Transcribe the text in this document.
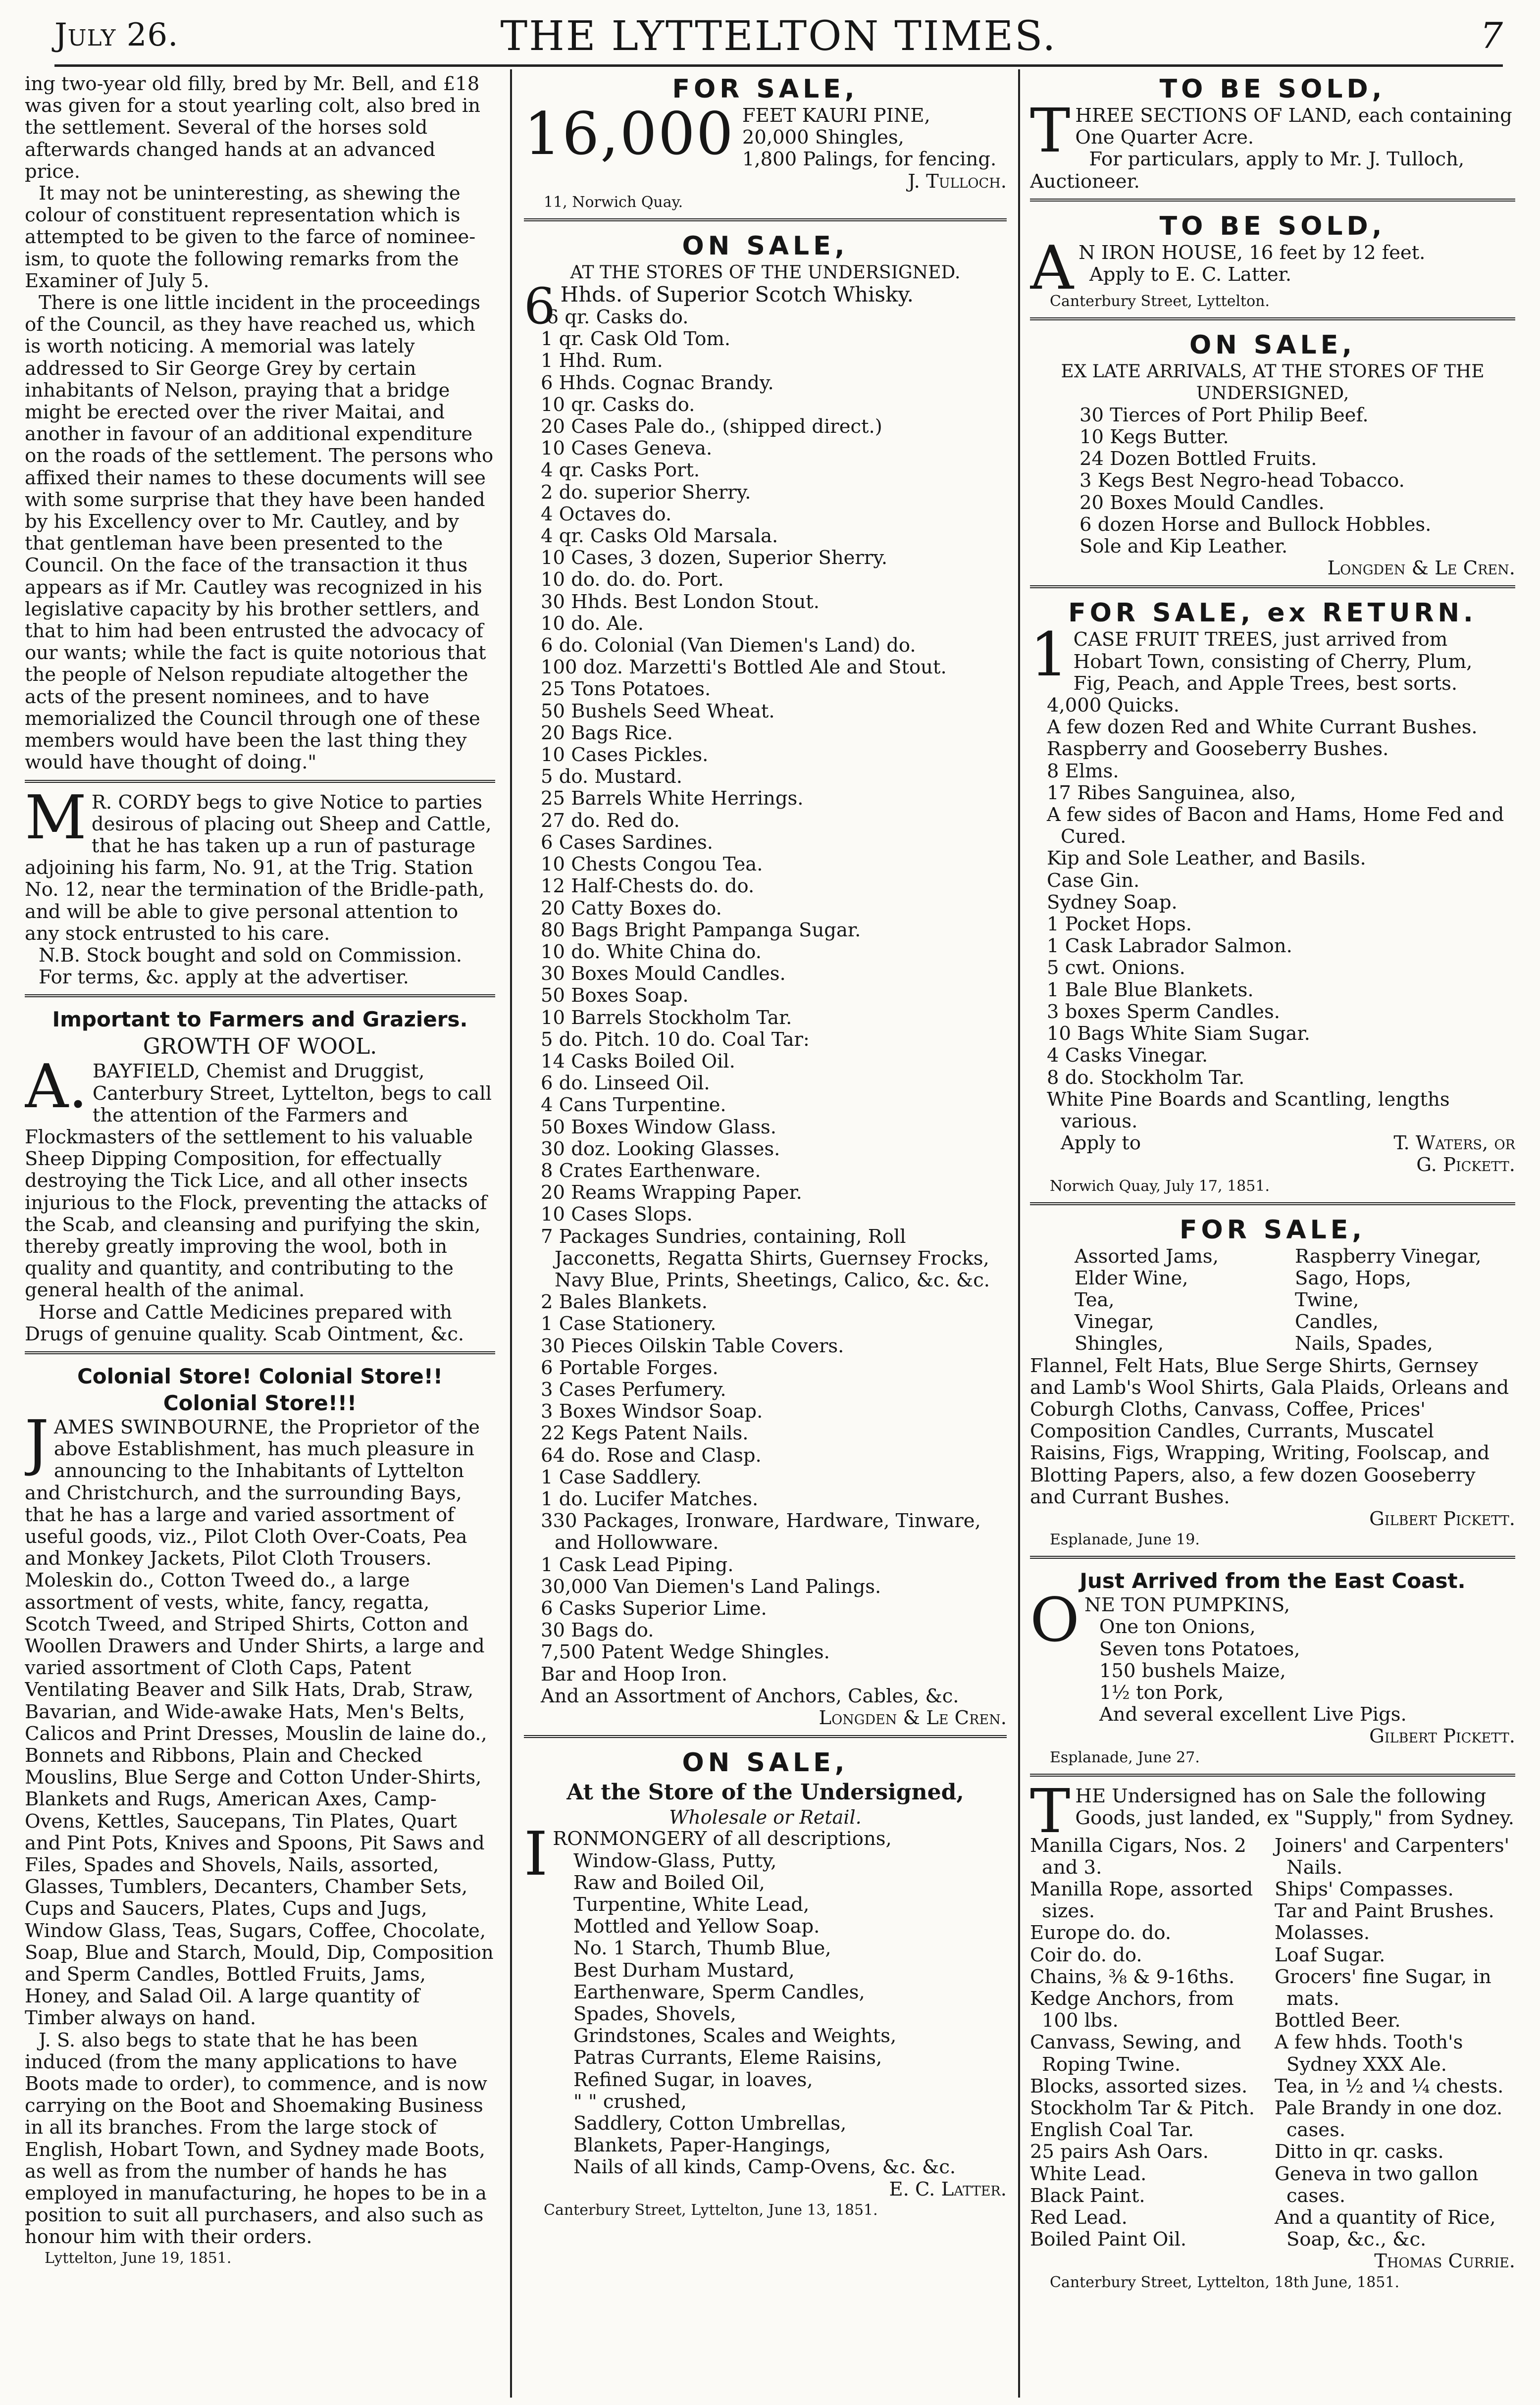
July 26.	THE LYTTELTON TIMES.	7

ing two-year old filly, bred by Mr. Bell, and £18 was given for a stout yearling colt, also bred in the settlement. Several of the horses sold afterwards changed hands at an advanced price.

It may not be uninteresting, as shewing the colour of constituent representation which is attempted to be given to the farce of nominee-ism, to quote the following remarks from the Examiner of July 5.

There is one little incident in the proceedings of the Council, as they have reached us, which is worth noticing. A memorial was lately addressed to Sir George Grey by certain inhabitants of Nelson, praying that a bridge might be erected over the river Maitai, and another in favour of an additional expenditure on the roads of the settlement. The persons who affixed their names to these documents will see with some surprise that they have been handed by his Excellency over to Mr. Cautley, and by that gentleman have been presented to the Council. On the face of the transaction it thus appears as if Mr. Cautley was recognized in his legislative capacity by his brother settlers, and that to him had been entrusted the advocacy of our wants; while the fact is quite notorious that the people of Nelson repudiate altogether the acts of the present nominees, and to have memorialized the Council through one of these members would have been the last thing they would have thought of doing."

M R. CORDY begs to give Notice to parties desirous of placing out Sheep and Cattle, that he has taken up a run of pasturage adjoining his farm, No. 91, at the Trig. Station No. 12, near the termination of the Bridle-path, and will be able to give personal attention to any stock entrusted to his care.

N.B. Stock bought and sold on Commission.

For terms, &c. apply at the advertiser.

Important to Farmers and Graziers.
GROWTH OF WOOL.

A. BAYFIELD, Chemist and Druggist, Canterbury Street, Lyttelton, begs to call the attention of the Farmers and Flockmasters of the settlement to his valuable Sheep Dipping Composition, for effectually destroying the Tick Lice, and all other insects injurious to the Flock, preventing the attacks of the Scab, and cleansing and purifying the skin, thereby greatly improving the wool, both in quality and quantity, and contributing to the general health of the animal.

Horse and Cattle Medicines prepared with Drugs of genuine quality. Scab Ointment, &c.

Colonial Store! Colonial Store!!
Colonial Store!!!

JAMES SWINBOURNE, the Proprietor of the above Establishment, has much pleasure in announcing to the Inhabitants of Lyttelton and Christchurch, and the surrounding Bays, that he has a large and varied assortment of useful goods, viz., Pilot Cloth Over-Coats, Pea and Monkey Jackets, Pilot Cloth Trousers. Moleskin do., Cotton Tweed do., a large assortment of vests, white, fancy, regatta, Scotch Tweed, and Striped Shirts, Cotton and Woollen Drawers and Under Shirts, a large and varied assortment of Cloth Caps, Patent Ventilating Beaver and Silk Hats, Drab, Straw, Bavarian, and Wide-awake Hats, Men's Belts, Calicos and Print Dresses, Mouslin de laine do., Bonnets and Ribbons, Plain and Checked Mouslins, Blue Serge and Cotton Under-Shirts, Blankets and Rugs, American Axes, Camp-Ovens, Kettles, Saucepans, Tin Plates, Quart and Pint Pots, Knives and Spoons, Pit Saws and Files, Spades and Shovels, Nails, assorted, Glasses, Tumblers, Decanters, Chamber Sets, Cups and Saucers, Plates, Cups and Jugs, Window Glass, Teas, Sugars, Coffee, Chocolate, Soap, Blue and Starch, Mould, Dip, Composition and Sperm Candles, Bottled Fruits, Jams, Honey, and Salad Oil. A large quantity of Timber always on hand.

J. S. also begs to state that he has been induced (from the many applications to have Boots made to order), to commence, and is now carrying on the Boot and Shoemaking Business in all its branches. From the large stock of English, Hobart Town, and Sydney made Boots, as well as from the number of hands he has employed in manufacturing, he hopes to be in a position to suit all purchasers, and also such as honour him with their orders.

Lyttelton, June 19, 1851.
FOR SALE,
16,000 FEET KAURI PINE,

20,000 Shingles,

1,800 Palings, for fencing.

J. Tulloch.

11, Norwich Quay.
ON SALE,
AT THE STORES OF THE UNDERSIGNED.

6 Hhds. of Superior Scotch Whisky.

6 qr. Casks do.

1 qr. Cask Old Tom.

1 Hhd. Rum.

6 Hhds. Cognac Brandy.

10 qr. Casks do.

20 Cases Pale do., (shipped direct.)

10 Cases Geneva.

4 qr. Casks Port.

2 do. superior Sherry.

4 Octaves do.

4 qr. Casks Old Marsala.

10 Cases, 3 dozen, Superior Sherry.

10 do. do. do. Port.

30 Hhds. Best London Stout.

10 do. Ale.

6 do. Colonial (Van Diemen's Land) do.

100 doz. Marzetti's Bottled Ale and Stout.

25 Tons Potatoes.

50 Bushels Seed Wheat.

20 Bags Rice.

10 Cases Pickles.

5 do. Mustard.

25 Barrels White Herrings.

27 do. Red do.

6 Cases Sardines.

10 Chests Congou Tea.

12 Half-Chests do. do.

20 Catty Boxes do.

80 Bags Bright Pampanga Sugar.

10 do. White China do.

30 Boxes Mould Candles.

50 Boxes Soap.

10 Barrels Stockholm Tar.

5 do. Pitch. 10 do. Coal Tar:

14 Casks Boiled Oil.

6 do. Linseed Oil.

4 Cans Turpentine.

50 Boxes Window Glass.

30 doz. Looking Glasses.

8 Crates Earthenware.

20 Reams Wrapping Paper.

10 Cases Slops.

7 Packages Sundries, containing, Roll Jacconetts, Regatta Shirts, Guernsey Frocks, Navy Blue, Prints, Sheetings, Calico, &c. &c.

2 Bales Blankets.

1 Case Stationery.

30 Pieces Oilskin Table Covers.

6 Portable Forges.

3 Cases Perfumery.

3 Boxes Windsor Soap.

22 Kegs Patent Nails.

64 do. Rose and Clasp.

1 Case Saddlery.

1 do. Lucifer Matches.

330 Packages, Ironware, Hardware, Tinware, and Hollowware.

1 Cask Lead Piping.

30,000 Van Diemen's Land Palings.

6 Casks Superior Lime.

30 Bags do.

7,500 Patent Wedge Shingles.

Bar and Hoop Iron.

And an Assortment of Anchors, Cables, &c.

Longden & Le Cren.

ON SALE,
At the Store of the Undersigned,
Wholesale or Retail.

IRONMONGERY of all descriptions,

Window-Glass, Putty,

Raw and Boiled Oil,

Turpentine, White Lead,

Mottled and Yellow Soap.

No. 1 Starch, Thumb Blue,

Best Durham Mustard,

Earthenware, Sperm Candles,

Spades, Shovels,

Grindstones, Scales and Weights,

Patras Currants, Eleme Raisins,

Refined Sugar, in loaves,

" " crushed,

Saddlery, Cotton Umbrellas,

Blankets, Paper-Hangings,

Nails of all kinds, Camp-Ovens, &c. &c.

E. C. Latter.

Canterbury Street, Lyttelton, June 13, 1851.
TO BE SOLD,

THREE SECTIONS OF LAND, each containing One Quarter Acre.

For particulars, apply to Mr. J. Tulloch, Auctioneer.

TO BE SOLD,

A N IRON HOUSE, 16 feet by 12 feet.

Apply to E. C. Latter.

Canterbury Street, Lyttelton.
ON SALE,
EX LATE ARRIVALS, AT THE STORES OF THE UNDERSIGNED,

30 Tierces of Port Philip Beef.

10 Kegs Butter.

24 Dozen Bottled Fruits.

3 Kegs Best Negro-head Tobacco.

20 Boxes Mould Candles.

6 dozen Horse and Bullock Hobbles.

Sole and Kip Leather.

Longden & Le Cren.

FOR SALE, ex RETURN.

1 CASE FRUIT TREES, just arrived from Hobart Town, consisting of Cherry, Plum, Fig, Peach, and Apple Trees, best sorts.

4,000 Quicks.

A few dozen Red and White Currant Bushes.

Raspberry and Gooseberry Bushes.

8 Elms.

17 Ribes Sanguinea, also,

A few sides of Bacon and Hams, Home Fed and Cured.

Kip and Sole Leather, and Basils.

Case Gin.

Sydney Soap.

1 Pocket Hops.

1 Cask Labrador Salmon.

5 cwt. Onions.

1 Bale Blue Blankets.

3 boxes Sperm Candles.

10 Bags White Siam Sugar.

4 Casks Vinegar.

8 do. Stockholm Tar.

White Pine Boards and Scantling, lengths various.

Apply to	T. Waters, or

G. Pickett.

Norwich Quay, July 17, 1851.
FOR SALE,
Assorted Jams,	Raspberry Vinegar,
Elder Wine,	Sago, Hops,
Tea,	Twine,
Vinegar,	Candles,
Shingles,	Nails, Spades,

Flannel, Felt Hats, Blue Serge Shirts, Gernsey and Lamb's Wool Shirts, Gala Plaids, Orleans and Coburgh Cloths, Canvass, Coffee, Prices' Composition Candles, Currants, Muscatel Raisins, Figs, Wrapping, Writing, Foolscap, and Blotting Papers, also, a few dozen Gooseberry and Currant Bushes.

Gilbert Pickett.

Esplanade, June 19.
Just Arrived from the East Coast.

ONE TON PUMPKINS,

One ton Onions,

Seven tons Potatoes,

150 bushels Maize,

1½ ton Pork,

And several excellent Live Pigs.

Gilbert Pickett.

Esplanade, June 27.

THE Undersigned has on Sale the following Goods, just landed, ex "Supply," from Sydney.

Manilla Cigars, Nos. 2 and 3.

Manilla Rope, assorted sizes.

Europe do. do.

Coir do. do.

Chains, ⅜ & 9-16ths.

Kedge Anchors, from 100 lbs.

Canvass, Sewing, and Roping Twine.

Blocks, assorted sizes.

Stockholm Tar & Pitch.

English Coal Tar.

25 pairs Ash Oars.

White Lead.

Black Paint.

Red Lead.

Boiled Paint Oil.

Joiners' and Carpenters' Nails.

Ships' Compasses.

Tar and Paint Brushes.

Molasses.

Loaf Sugar.

Grocers' fine Sugar, in mats.

Bottled Beer.

A few hhds. Tooth's Sydney XXX Ale.

Tea, in ½ and ¼ chests.

Pale Brandy in one doz. cases.

Ditto in qr. casks.

Geneva in two gallon cases.

And a quantity of Rice, Soap, &c., &c.

Thomas Currie.

Canterbury Street, Lyttelton, 18th June, 1851.
